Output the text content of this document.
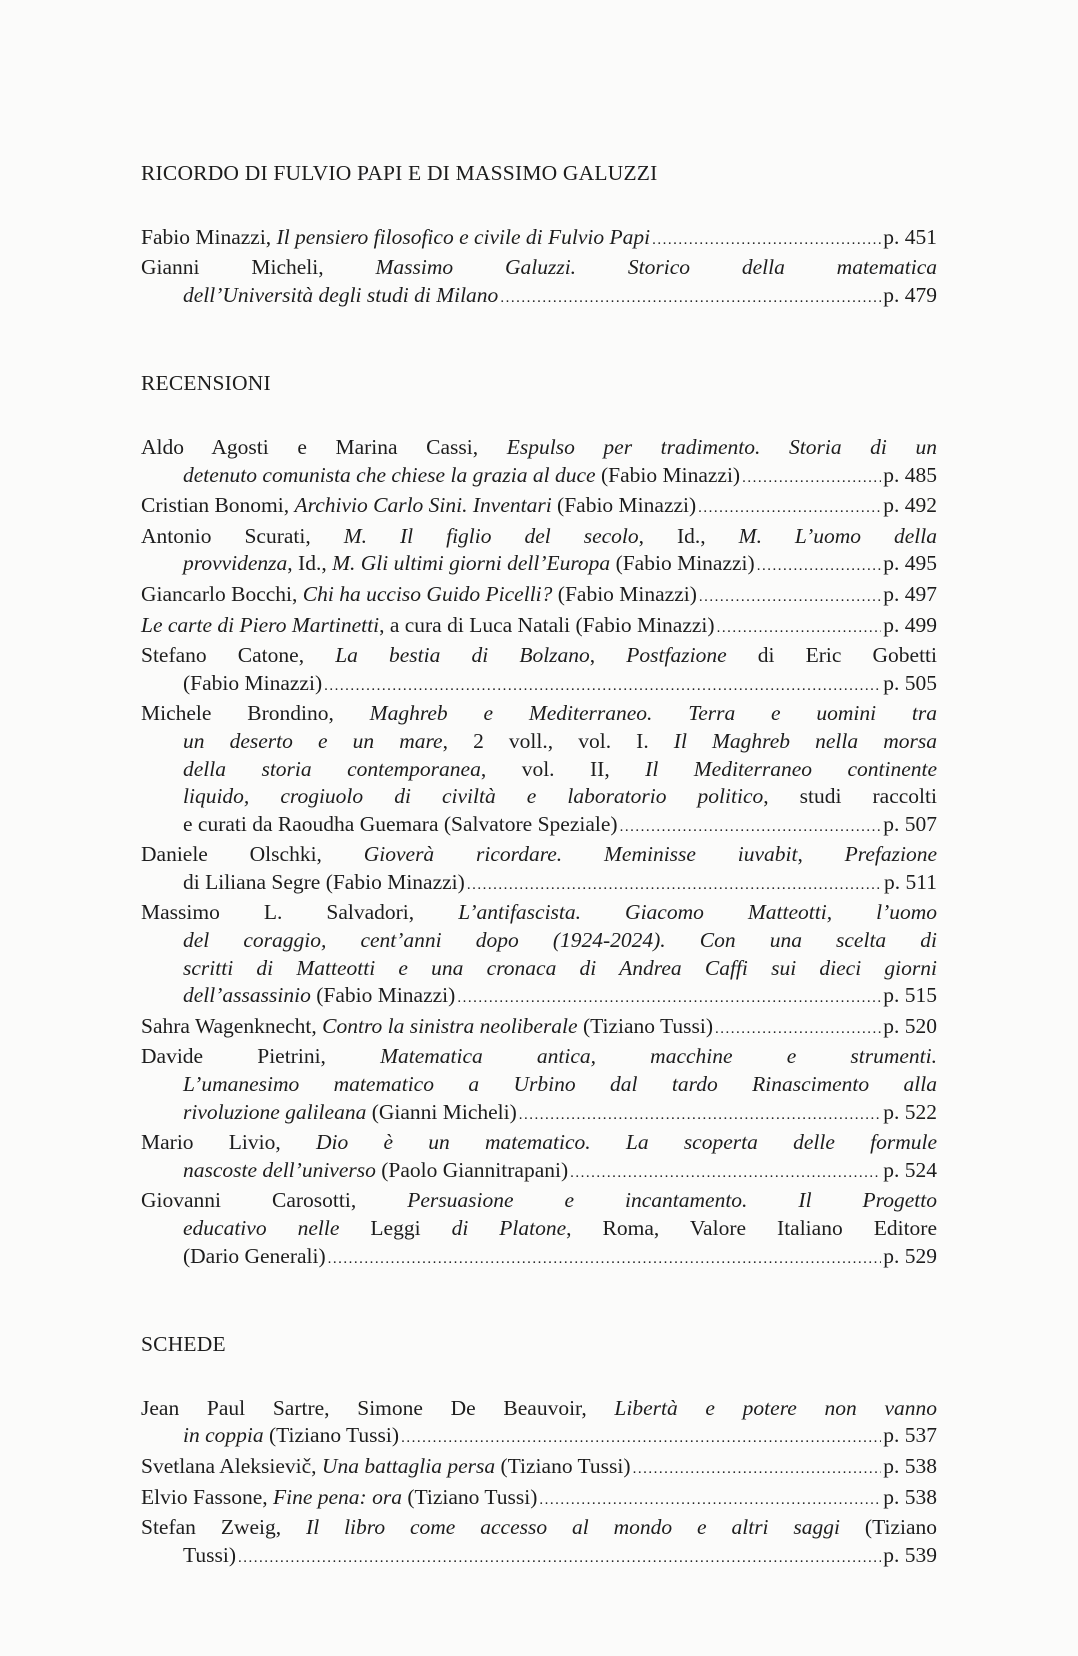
RICORDO DI FULVIO PAPI E DI MASSIMO GALUZZI
Fabio Minazzi, Il pensiero filosofico e civile di Fulvio Papi .....	p. 451
Gianni Micheli, Massimo Galuzzi. Storico della matematica
dell’Università degli studi di Milano .....	p. 479
RECENSIONI
Aldo Agosti e Marina Cassi, Espulso per tradimento. Storia di un
detenuto comunista che chiese la grazia al duce (Fabio Minazzi) .....	p. 485
Cristian Bonomi, Archivio Carlo Sini. Inventari (Fabio Minazzi) .....	p. 492
Antonio Scurati, M. Il figlio del secolo, Id., M. L’uomo della
provvidenza, Id., M. Gli ultimi giorni dell’Europa (Fabio Minazzi) .....	p. 495
Giancarlo Bocchi, Chi ha ucciso Guido Picelli? (Fabio Minazzi) .....	p. 497
Le carte di Piero Martinetti, a cura di Luca Natali (Fabio Minazzi) .....	p. 499
Stefano Catone, La bestia di Bolzano, Postfazione di Eric Gobetti
(Fabio Minazzi) .....	p. 505
Michele Brondino, Maghreb e Mediterraneo. Terra e uomini tra
un deserto e un mare, 2 voll., vol. I. Il Maghreb nella morsa
della storia contemporanea, vol. II, Il Mediterraneo continente
liquido, crogiuolo di civiltà e laboratorio politico, studi raccolti
e curati da Raoudha Guemara (Salvatore Speziale) .....	p. 507
Daniele Olschki, Gioverà ricordare. Meminisse iuvabit, Prefazione
di Liliana Segre (Fabio Minazzi) .....	p. 511
Massimo L. Salvadori, L’antifascista. Giacomo Matteotti, l’uomo
del coraggio, cent’anni dopo (1924-2024). Con una scelta di
scritti di Matteotti e una cronaca di Andrea Caffi sui dieci giorni
dell’assassinio (Fabio Minazzi) .....	p. 515
Sahra Wagenknecht, Contro la sinistra neoliberale (Tiziano Tussi) .....	p. 520
Davide Pietrini, Matematica antica, macchine e strumenti.
L’umanesimo matematico a Urbino dal tardo Rinascimento alla
rivoluzione galileana (Gianni Micheli) .....	p. 522
Mario Livio, Dio è un matematico. La scoperta delle formule
nascoste dell’universo (Paolo Giannitrapani) .....	p. 524
Giovanni Carosotti, Persuasione e incantamento. Il Progetto
educativo nelle Leggi di Platone, Roma, Valore Italiano Editore
(Dario Generali) .....	p. 529
SCHEDE
Jean Paul Sartre, Simone De Beauvoir, Libertà e potere non vanno
in coppia (Tiziano Tussi) .....	p. 537
Svetlana Aleksievič, Una battaglia persa (Tiziano Tussi) .....	p. 538
Elvio Fassone, Fine pena: ora (Tiziano Tussi) .....	p. 538
Stefan Zweig, Il libro come accesso al mondo e altri saggi (Tiziano
Tussi) .....	p. 539
